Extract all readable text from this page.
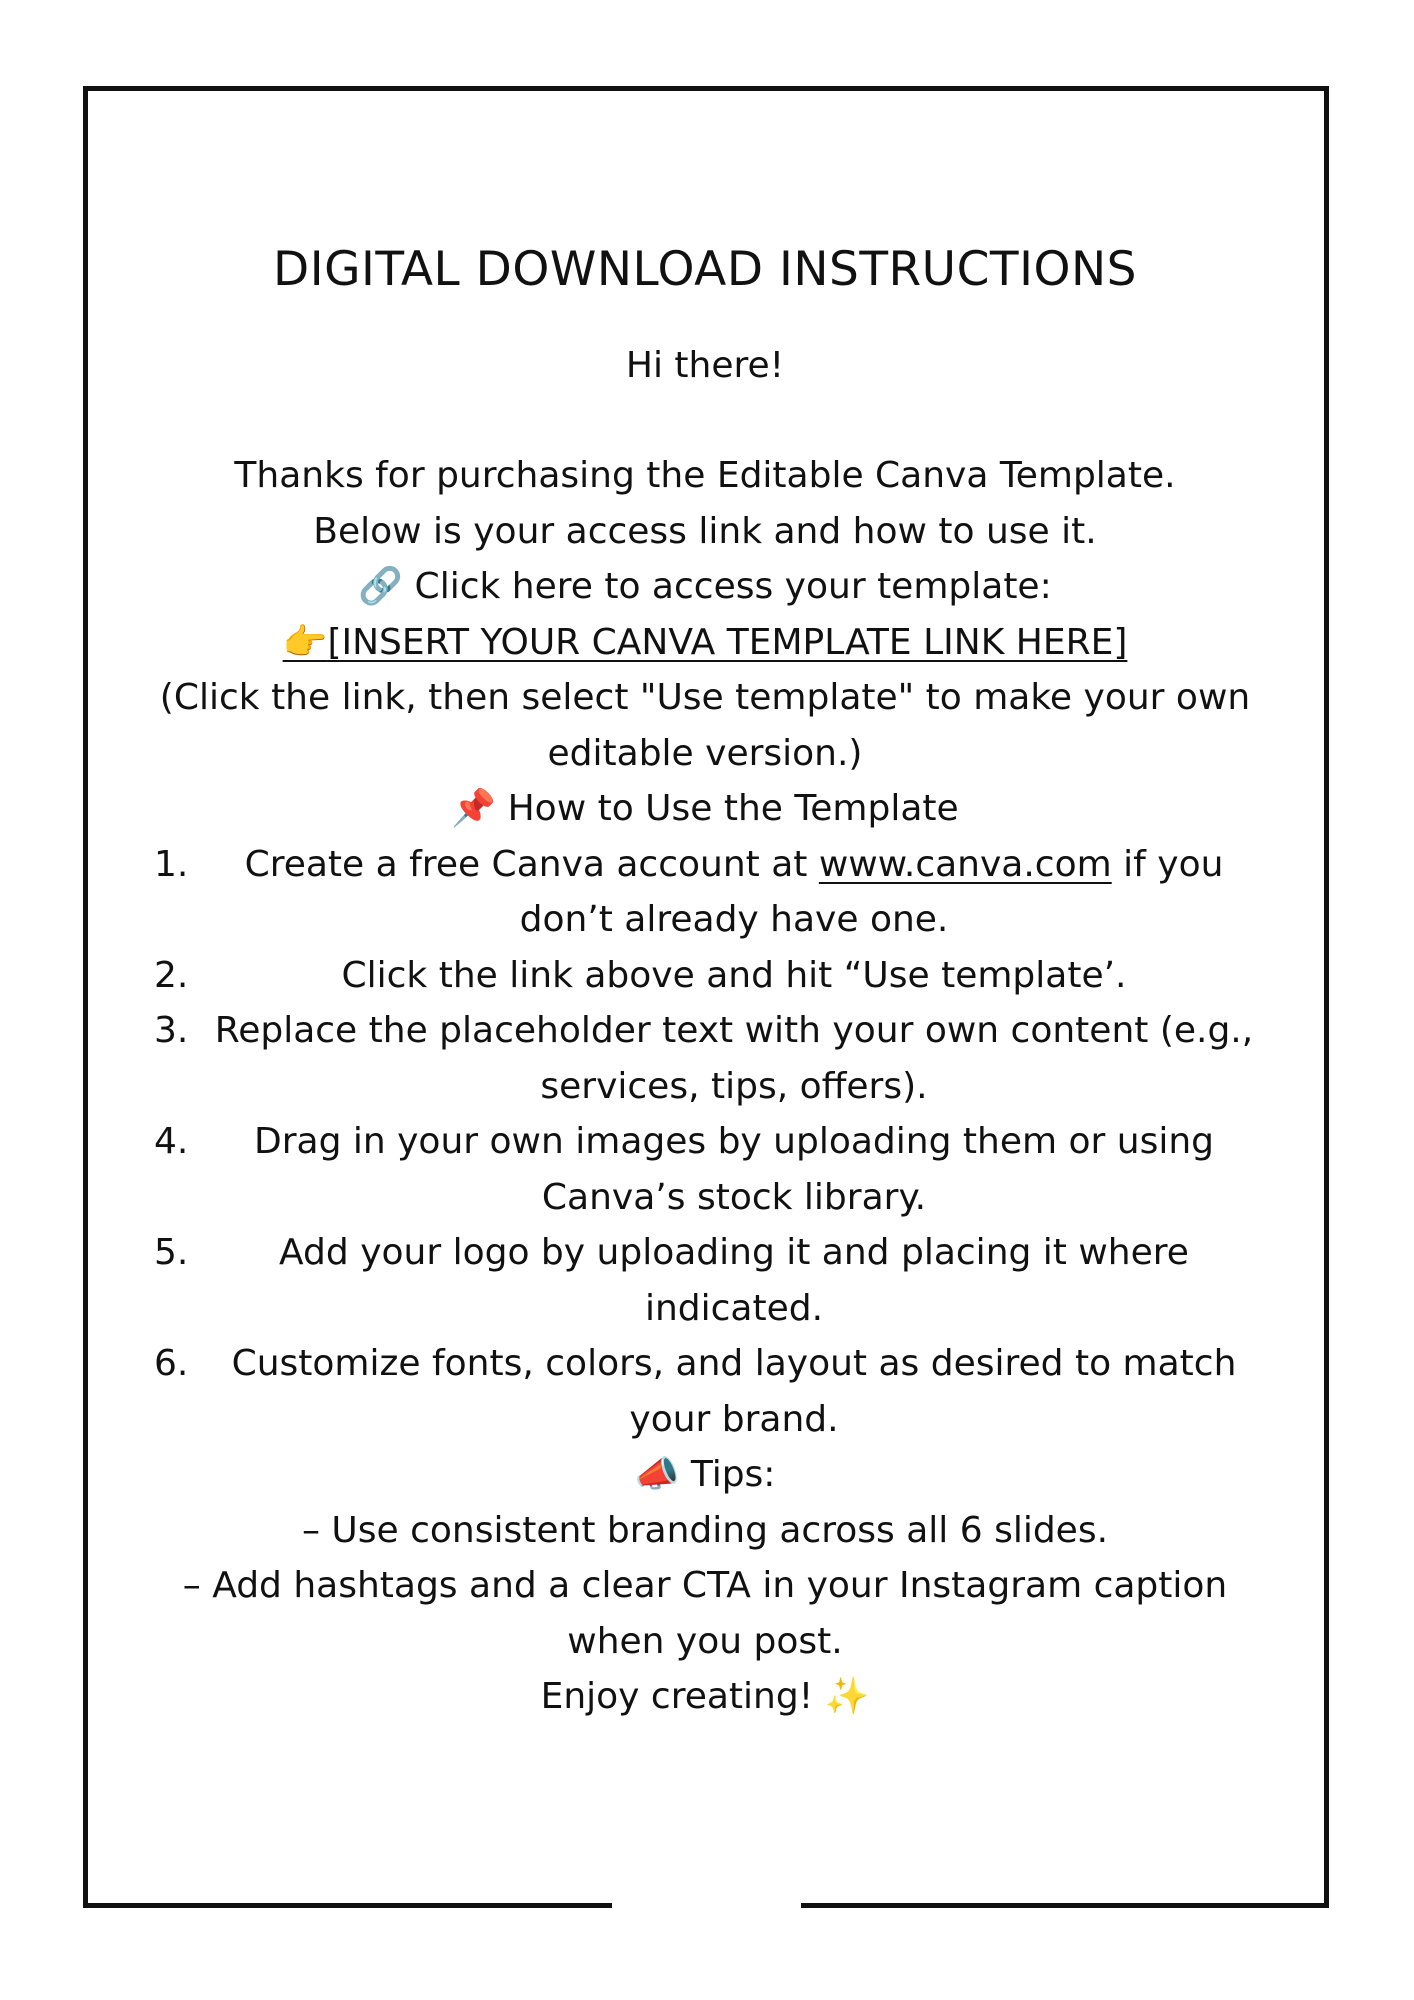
DIGITAL DOWNLOAD INSTRUCTIONS
Hi there!
Thanks for purchasing the Editable Canva Template.
Below is your access link and how to use it.
🔗 Click here to access your template:
👉[INSERT YOUR CANVA TEMPLATE LINK HERE]
(Click the link, then select "Use template" to make your own editable version.)
📌 How to Use the Template
1.	Create a free Canva account at www.canva.com if you don’t already have one.
2.	Click the link above and hit “Use template’.
3. Replace the placeholder text with your own content (e.g., services, tips, offers).
4.	Drag in your own images by uploading them or using Canva’s stock library.
5.	Add your logo by uploading it and placing it where indicated.
6.	Customize fonts, colors, and layout as desired to match your brand.
📣 Tips:
– Use consistent branding across all 6 slides.
– Add hashtags and a clear CTA in your Instagram caption when you post.
Enjoy creating! ✨
